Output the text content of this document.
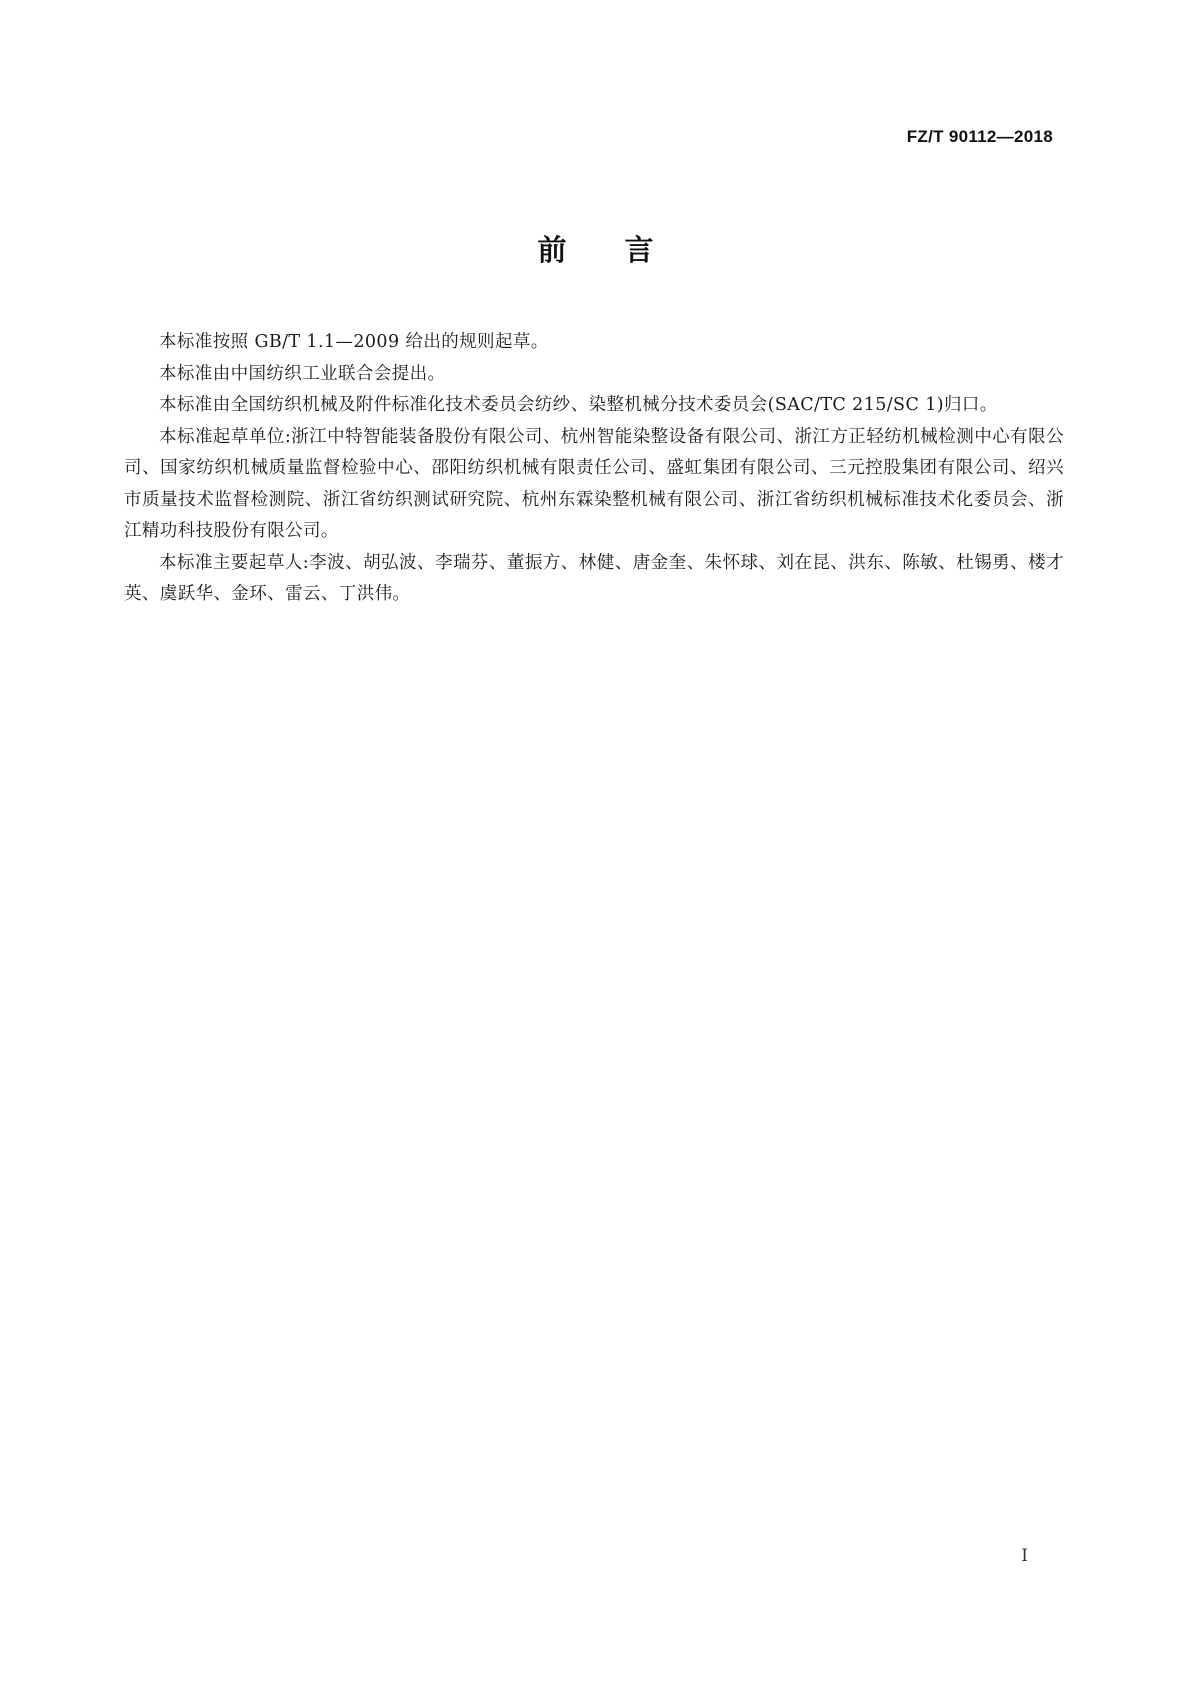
FZ/T 90112—2018
前 言

本标准按照 GB/T 1.1—2009 给出的规则起草。

本标准由中国纺织工业联合会提出。

本标准由全国纺织机械及附件标准化技术委员会纺纱、染整机械分技术委员会(SAC/TC 215/SC 1)归口。

本标准起草单位:浙江中特智能装备股份有限公司、杭州智能染整设备有限公司、浙江方正轻纺机械检测中心有限公司、国家纺织机械质量监督检验中心、邵阳纺织机械有限责任公司、盛虹集团有限公司、三元控股集团有限公司、绍兴市质量技术监督检测院、浙江省纺织测试研究院、杭州东霖染整机械有限公司、浙江省纺织机械标准技术化委员会、浙江精功科技股份有限公司。

本标准主要起草人:李波、胡弘波、李瑞芬、董振方、林健、唐金奎、朱怀球、刘在昆、洪东、陈敏、杜锡勇、楼才英、虞跃华、金环、雷云、丁洪伟。

I
